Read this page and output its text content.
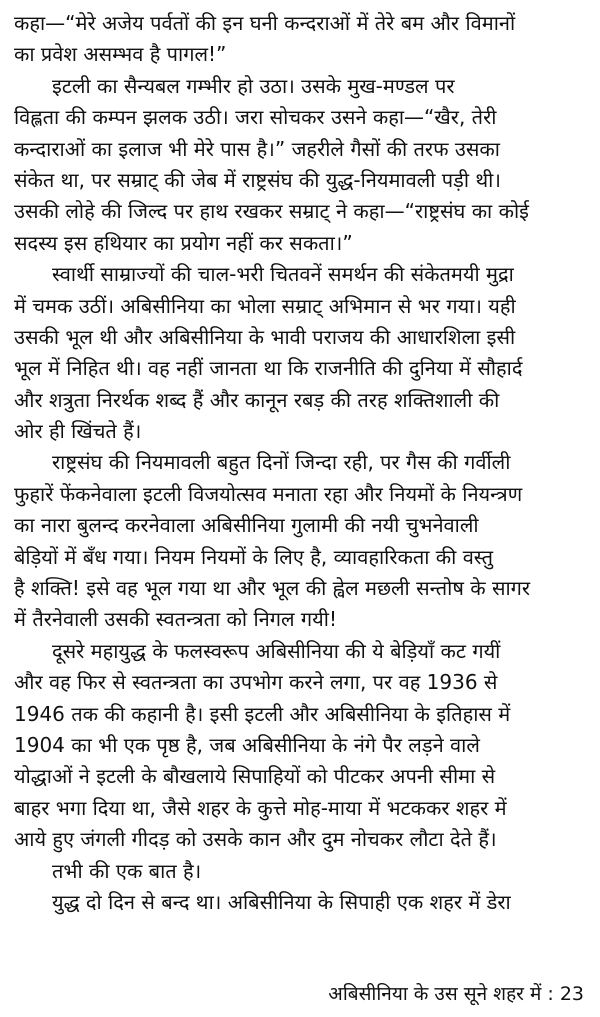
कहा—“मेरे अजेय पर्वतों की इन घनी कन्दराओं में तेरे बम और विमानों
का प्रवेश असम्भव है पागल!”
इटली का सैन्यबल गम्भीर हो उठा। उसके मुख-मण्डल पर
विह्लता की कम्पन झलक उठी। जरा सोचकर उसने कहा—“खैर, तेरी
कन्दाराओं का इलाज भी मेरे पास है।” जहरीले गैसों की तरफ उसका
संकेत था, पर सम्राट् की जेब में राष्ट्रसंघ की युद्ध-नियमावली पड़ी थी।
उसकी लोहे की जिल्द पर हाथ रखकर सम्राट् ने कहा—“राष्ट्रसंघ का कोई
सदस्य इस हथियार का प्रयोग नहीं कर सकता।”
स्वार्थी साम्राज्यों की चाल-भरी चितवनें समर्थन की संकेतमयी मुद्रा
में चमक उठीं। अबिसीनिया का भोला सम्राट् अभिमान से भर गया। यही
उसकी भूल थी और अबिसीनिया के भावी पराजय की आधारशिला इसी
भूल में निहित थी। वह नहीं जानता था कि राजनीति की दुनिया में सौहार्द
और शत्रुता निरर्थक शब्द हैं और कानून रबड़ की तरह शक्तिशाली की
ओर ही खिंचते हैं।
राष्ट्रसंघ की नियमावली बहुत दिनों जिन्दा रही, पर गैस की गर्वीली
फुहारें फेंकनेवाला इटली विजयोत्सव मनाता रहा और नियमों के नियन्त्रण
का नारा बुलन्द करनेवाला अबिसीनिया गुलामी की नयी चुभनेवाली
बेड़ियों में बँध गया। नियम नियमों के लिए है, व्यावहारिकता की वस्तु
है शक्ति! इसे वह भूल गया था और भूल की ह्वेल मछली सन्तोष के सागर
में तैरनेवाली उसकी स्वतन्त्रता को निगल गयी!
दूसरे महायुद्ध के फलस्वरूप अबिसीनिया की ये बेड़ियाँ कट गयीं
और वह फिर से स्वतन्त्रता का उपभोग करने लगा, पर वह 1936 से
1946 तक की कहानी है। इसी इटली और अबिसीनिया के इतिहास में
1904 का भी एक पृष्ठ है, जब अबिसीनिया के नंगे पैर लड़ने वाले
योद्धाओं ने इटली के बौखलाये सिपाहियों को पीटकर अपनी सीमा से
बाहर भगा दिया था, जैसे शहर के कुत्ते मोह-माया में भटककर शहर में
आये हुए जंगली गीदड़ को उसके कान और दुम नोचकर लौटा देते हैं।
तभी की एक बात है।
युद्ध दो दिन से बन्द था। अबिसीनिया के सिपाही एक शहर में डेरा
अबिसीनिया के उस सूने शहर में : 23
